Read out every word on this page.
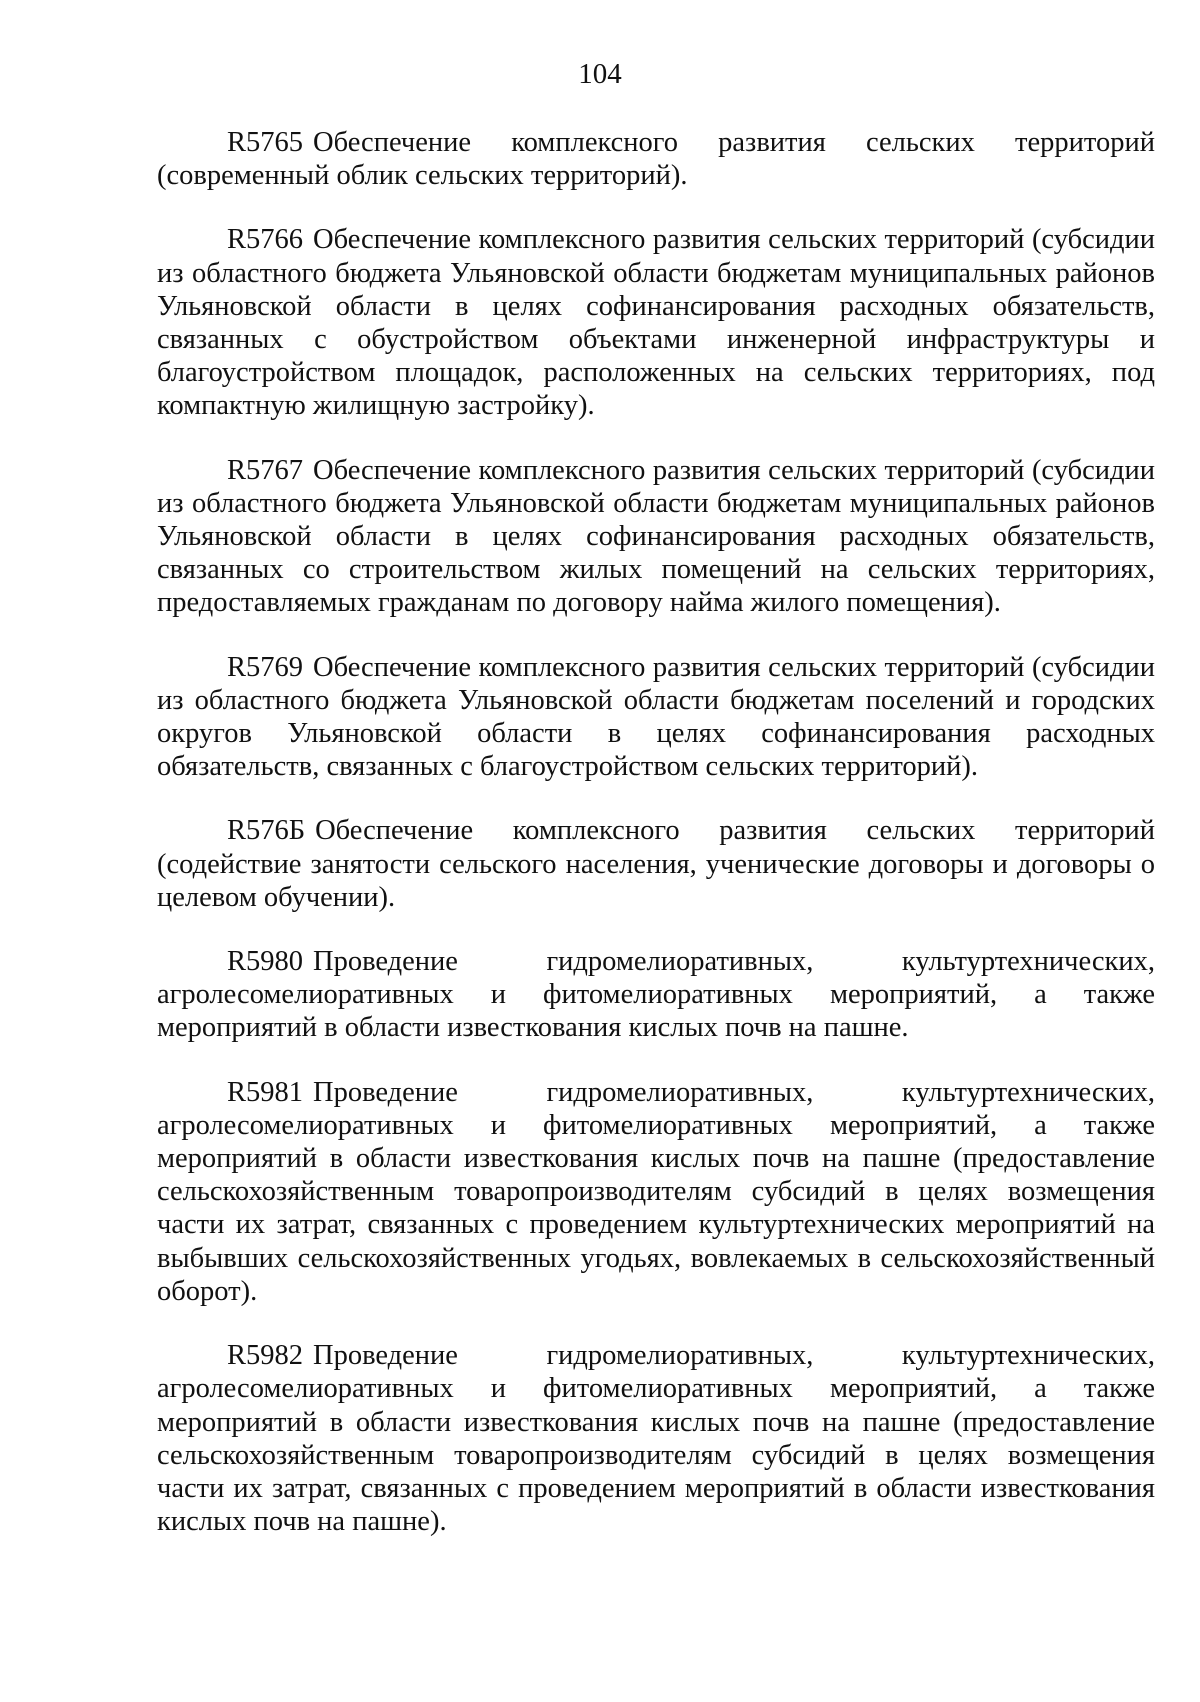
104

R5765 Обеспечение комплексного развития сельских территорий (современный облик сельских территорий).

R5766 Обеспечение комплексного развития сельских территорий (субсидии из областного бюджета Ульяновской области бюджетам муниципальных районов Ульяновской области в целях софинансирования расходных обязательств, связанных с обустройством объектами инженерной инфраструктуры и благоустройством площадок, расположенных на сельских территориях, под компактную жилищную застройку).

R5767 Обеспечение комплексного развития сельских территорий (субсидии из областного бюджета Ульяновской области бюджетам муниципальных районов Ульяновской области в целях софинансирования расходных обязательств, связанных со строительством жилых помещений на сельских территориях, предоставляемых гражданам по договору найма жилого помещения).

R5769 Обеспечение комплексного развития сельских территорий (субсидии из областного бюджета Ульяновской области бюджетам поселений и городских округов Ульяновской области в целях софинансирования расходных обязательств, связанных с благоустройством сельских территорий).

R576Б Обеспечение комплексного развития сельских территорий (содействие занятости сельского населения, ученические договоры и договоры о целевом обучении).

R5980 Проведение гидромелиоративных, культуртехнических, агролесомелиоративных и фитомелиоративных мероприятий, а также мероприятий в области известкования кислых почв на пашне.

R5981 Проведение гидромелиоративных, культуртехнических, агролесомелиоративных и фитомелиоративных мероприятий, а также мероприятий в области известкования кислых почв на пашне (предоставление сельскохозяйственным товаропроизводителям субсидий в целях возмещения части их затрат, связанных с проведением культуртехнических мероприятий на выбывших сельскохозяйственных угодьях, вовлекаемых в сельскохозяйственный оборот).

R5982 Проведение гидромелиоративных, культуртехнических, агролесомелиоративных и фитомелиоративных мероприятий, а также мероприятий в области известкования кислых почв на пашне (предоставление сельскохозяйственным товаропроизводителям субсидий в целях возмещения части их затрат, связанных с проведением мероприятий в области известкования кислых почв на пашне).
